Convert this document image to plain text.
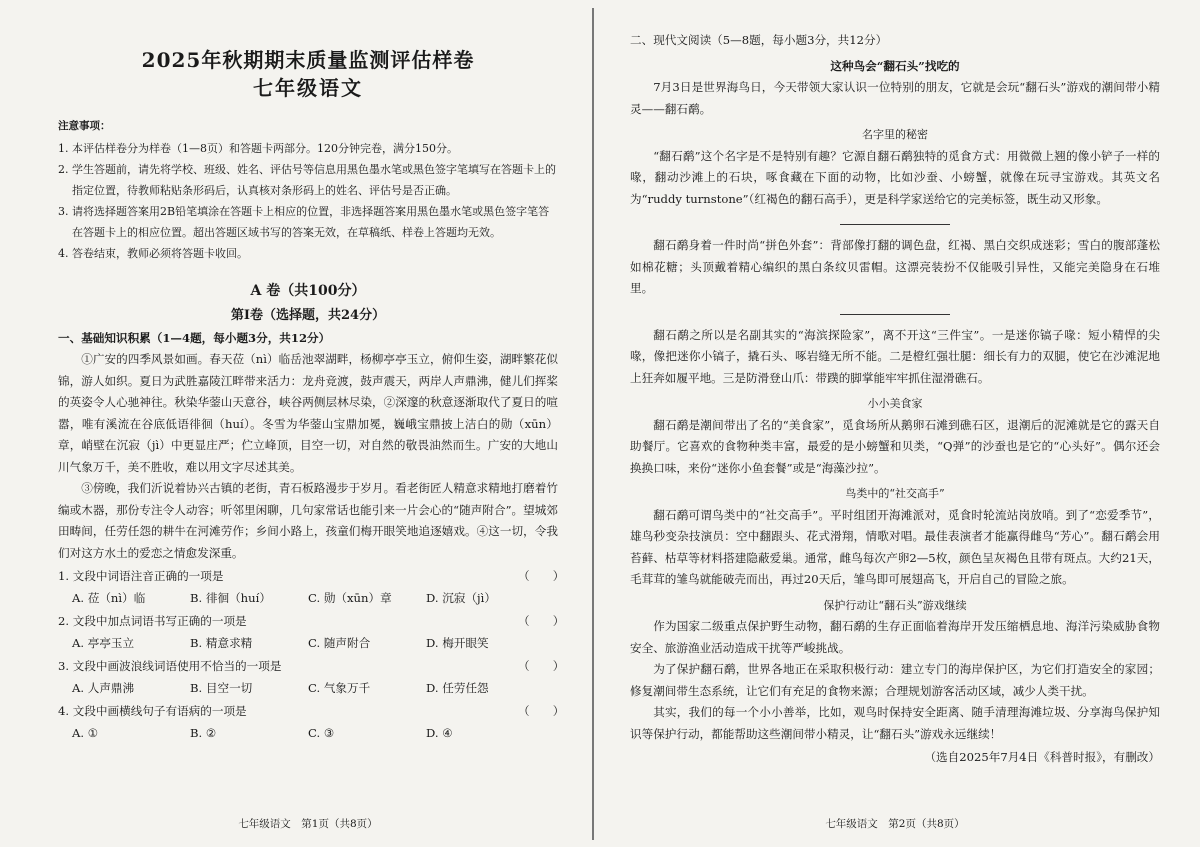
2025年秋期期末质量监测评估样卷

七年级语文

注意事项：

1. 本评估样卷分为样卷（1—8页）和答题卡两部分。120分钟完卷，满分150分。

2. 学生答题前，请先将学校、班级、姓名、评估号等信息用黑色墨水笔或黑色签字笔填写在答题卡上的指定位置，待教师粘贴条形码后，认真核对条形码上的姓名、评估号是否正确。

3. 请将选择题答案用2B铅笔填涂在答题卡上相应的位置，非选择题答案用黑色墨水笔或黑色签字笔答在答题卡上的相应位置。超出答题区域书写的答案无效，在草稿纸、样卷上答题均无效。

4. 答卷结束，教师必须将答题卡收回。

A 卷（共100分）

第Ⅰ卷（选择题，共24分）

一、基础知识积累（1—4题，每小题3分，共12分）

①广安的四季风景如画。春天莅（nì）临岳池翠湖畔，杨柳亭亭玉立，俯仰生姿，湖畔繁花似锦，游人如织。夏日为武胜嘉陵江畔带来活力：龙舟竞渡，鼓声震天，两岸人声鼎沸，健儿们挥桨的英姿令人心驰神往。秋染华蓥山天意谷，峡谷两侧层林尽染，②深邃的秋意逐渐取代了夏日的喧嚣，唯有溪流在谷底低语徘徊（huí）。冬雪为华蓥山宝鼎加冕，巍峨宝鼎披上洁白的勋（xūn）章，峭壁在沉寂（jì）中更显庄严；伫立峰顶，目空一切，对自然的敬畏油然而生。广安的大地山川气象万千，美不胜收，难以用文字尽述其美。

③傍晚，我们沂说着协兴古镇的老街，青石板路漫步于岁月。看老街匠人精意求精地打磨着竹编或木器，那份专注令人动容；听邻里闲聊，几句家常话也能引来一片会心的“随声附合”。望城郊田畴间，任劳任怨的耕牛在河滩劳作；乡间小路上，孩童们梅开眼笑地追逐嬉戏。④这一切，令我们对这方水土的爱恋之情愈发深重。

1. 文段中词语注音正确的一项是	（　　）
A. 莅（nì）临	B. 徘徊（huí）	C. 勋（xūn）章	D. 沉寂（jì）
2. 文段中加点词语书写正确的一项是	（　　）
A. 亭亭玉立	B. 精意求精	C. 随声附合	D. 梅开眼笑
3. 文段中画波浪线词语使用不恰当的一项是	（　　）
A. 人声鼎沸	B. 目空一切	C. 气象万千	D. 任劳任怨
4. 文段中画横线句子有语病的一项是	（　　）
A. ①	B. ②	C. ③	D. ④

七年级语文　第1页（共8页）

二、现代文阅读（5—8题，每小题3分，共12分）

这种鸟会“翻石头”找吃的

7月3日是世界海鸟日，今天带领大家认识一位特别的朋友，它就是会玩“翻石头”游戏的潮间带小精灵——翻石鹬。

名字里的秘密

“翻石鹬”这个名字是不是特别有趣？它源自翻石鹬独特的觅食方式：用微微上翘的像小铲子一样的喙，翻动沙滩上的石块，啄食藏在下面的动物，比如沙蚕、小螃蟹，就像在玩寻宝游戏。其英文名为“ruddy turnstone”（红褐色的翻石高手），更是科学家送给它的完美标签，既生动又形象。

翻石鹬身着一件时尚“拼色外套”：背部像打翻的调色盘，红褐、黑白交织成迷彩；雪白的腹部蓬松如棉花糖；头顶戴着精心编织的黑白条纹贝雷帽。这漂亮装扮不仅能吸引异性，又能完美隐身在石堆里。

翻石鹬之所以是名副其实的“海滨探险家”，离不开这“三件宝”。一是迷你镐子喙：短小精悍的尖喙，像把迷你小镐子，撬石头、啄岩缝无所不能。二是橙红强壮腿：细长有力的双腿，使它在沙滩泥地上狂奔如履平地。三是防滑登山爪：带蹼的脚掌能牢牢抓住湿滑礁石。

小小美食家

翻石鹬是潮间带出了名的“美食家”，觅食场所从鹅卵石滩到礁石区，退潮后的泥滩就是它的露天自助餐厅。它喜欢的食物种类丰富，最爱的是小螃蟹和贝类，“Q弹”的沙蚕也是它的“心头好”。偶尔还会换换口味，来份“迷你小鱼套餐”或是“海藻沙拉”。

鸟类中的“社交高手”

翻石鹬可谓鸟类中的“社交高手”。平时组团开海滩派对，觅食时轮流站岗放哨。到了“恋爱季节”，雄鸟秒变杂技演员：空中翻跟头、花式滑翔，情歌对唱。最佳表演者才能赢得雌鸟“芳心”。翻石鹬会用苔藓、枯草等材料搭建隐蔽爱巢。通常，雌鸟每次产卵2—5枚，颜色呈灰褐色且带有斑点。大约21天，毛茸茸的雏鸟就能破壳而出，再过20天后，雏鸟即可展翅高飞，开启自己的冒险之旅。

保护行动让“翻石头”游戏继续

作为国家二级重点保护野生动物，翻石鹬的生存正面临着海岸开发压缩栖息地、海洋污染威胁食物安全、旅游渔业活动造成干扰等严峻挑战。

为了保护翻石鹬，世界各地正在采取积极行动：建立专门的海岸保护区，为它们打造安全的家园；修复潮间带生态系统，让它们有充足的食物来源；合理规划游客活动区域，减少人类干扰。

其实，我们的每一个小小善举，比如，观鸟时保持安全距离、随手清理海滩垃圾、分享海鸟保护知识等保护行动，都能帮助这些潮间带小精灵，让“翻石头”游戏永远继续！

（选自2025年7月4日《科普时报》，有删改）

七年级语文　第2页（共8页）
